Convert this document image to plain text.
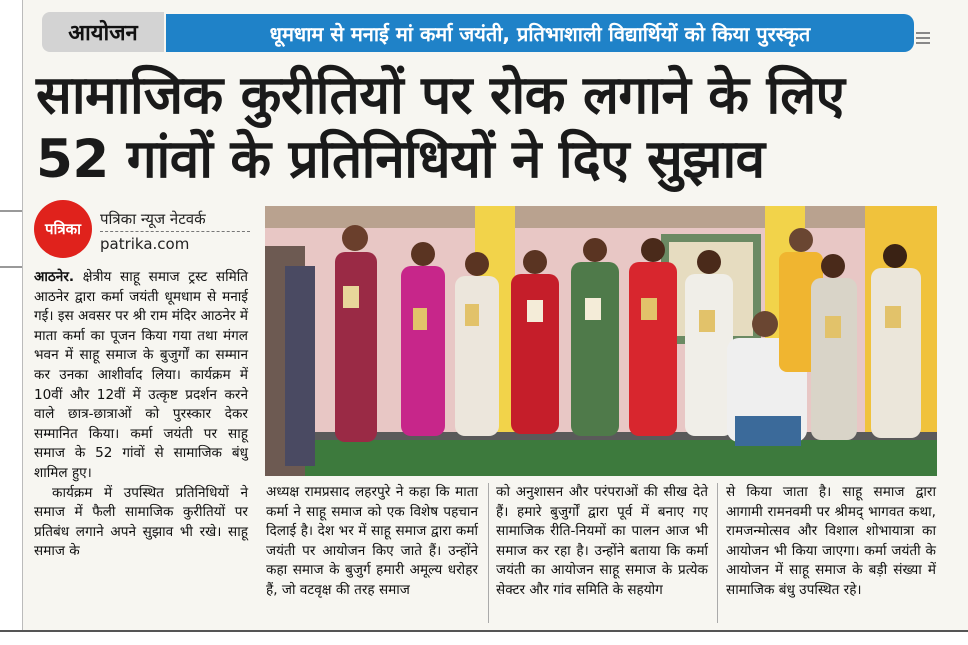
आयोजन	धूमधाम से मनाई मां कर्मा जयंती, प्रतिभाशाली विद्यार्थियों को किया पुरस्कृत
सामाजिक कुरीतियों पर रोक लगाने के लिए
52 गांवों के प्रतिनिधियों ने दिए सुझाव
पत्रिका
पत्रिका न्यूज नेटवर्क
patrika.com

आठनेर. क्षेत्रीय साहू समाज ट्रस्ट समिति आठनेर द्वारा कर्मा जयंती धूमधाम से मनाई गई। इस अवसर पर श्री राम मंदिर आठनेर में माता कर्मा का पूजन किया गया तथा मंगल भवन में साहू समाज के बुजुर्गों का सम्मान कर उनका आशीर्वाद लिया। कार्यक्रम में 10वीं और 12वीं में उत्कृष्ट प्रदर्शन करने वाले छात्र-छात्राओं को पुरस्कार देकर सम्मानित किया। कर्मा जयंती पर साहू समाज के 52 गांवों से सामाजिक बंधु शामिल हुए।

कार्यक्रम में उपस्थित प्रतिनिधियों ने समाज में फैली सामाजिक कुरीतियों पर प्रतिबंध लगाने अपने सुझाव भी रखे। साहू समाज के

अध्यक्ष रामप्रसाद लहरपुरे ने कहा कि माता कर्मा ने साहू समाज को एक विशेष पहचान दिलाई है। देश भर में साहू समाज द्वारा कर्मा जयंती पर आयोजन किए जाते हैं। उन्होंने कहा समाज के बुजुर्ग हमारी अमूल्य धरोहर हैं, जो वटवृक्ष की तरह समाज
को अनुशासन और परंपराओं की सीख देते हैं। हमारे बुजुर्गों द्वारा पूर्व में बनाए गए सामाजिक रीति-नियमों का पालन आज भी समाज कर रहा है। उन्होंने बताया कि कर्मा जयंती का आयोजन साहू समाज के प्रत्येक सेक्टर और गांव समिति के सहयोग
से किया जाता है। साहू समाज द्वारा आगामी रामनवमी पर श्रीमद् भागवत कथा, रामजन्मोत्सव और विशाल शोभायात्रा का आयोजन भी किया जाएगा। कर्मा जयंती के आयोजन में साहू समाज के बड़ी संख्या में सामाजिक बंधु उपस्थित रहे।
